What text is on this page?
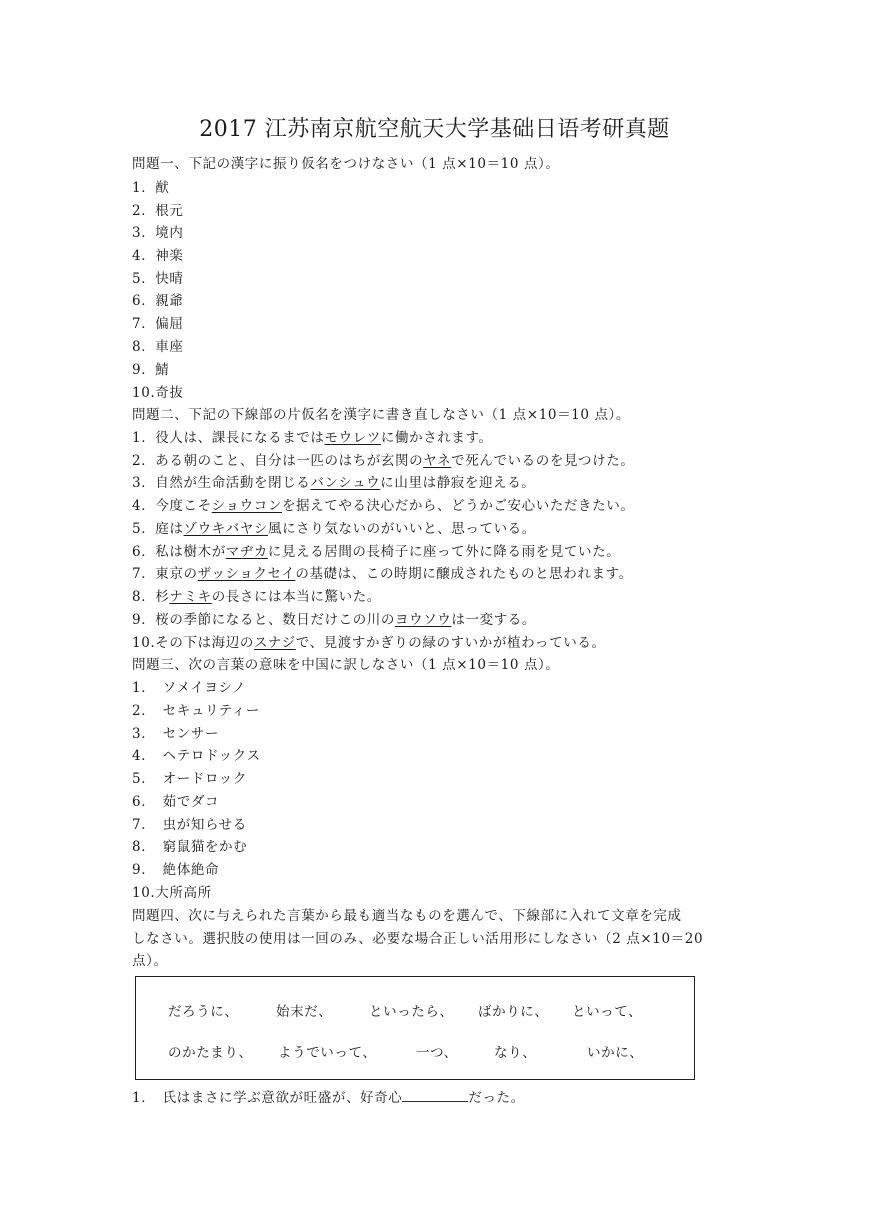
2017 江苏南京航空航天大学基础日语考研真题
問題一、下記の漢字に振り仮名をつけなさい（1 点×10＝10 点）。
1．猷
2．根元
3．境内
4．神楽
5．快晴
6．親爺
7．偏屈
8．車座
9．鯖
10.奇抜
問題二、下記の下線部の片仮名を漢字に書き直しなさい（1 点×10＝10 点）。
1．役人は、課長になるまではモウレツに働かされます。
2．ある朝のこと、自分は一匹のはちが玄関のヤネで死んでいるのを見つけた。
3．自然が生命活動を閉じるバンシュウに山里は静寂を迎える。
4．今度こそショウコンを据えてやる決心だから、どうかご安心いただきたい。
5．庭はゾウキバヤシ風にさり気ないのがいいと、思っている。
6．私は樹木がマヂカに見える居間の長椅子に座って外に降る雨を見ていた。
7．東京のザッショクセイの基礎は、この時期に醸成されたものと思われます。
8．杉ナミキの長さには本当に驚いた。
9．桜の季節になると、数日だけこの川のヨウソウは一変する。
10.その下は海辺のスナジで、見渡すかぎりの緑のすいかが植わっている。
問題三、次の言葉の意味を中国に訳しなさい（1 点×10＝10 点）。
1．　ソメイヨシノ
2．　セキュリティー
3．　センサー
4．　ヘテロドックス
5．　オードロック
6．　茹でダコ
7．　虫が知らせる
8．　窮鼠猫をかむ
9．　絶体絶命
10.大所高所
問題四、次に与えられた言葉から最も適当なものを選んで、下線部に入れて文章を完成
しなさい。選択肢の使用は一回のみ、必要な場合正しい活用形にしなさい（2 点×10＝20
点）。
だろうに、	始末だ、	といったら、 ばかりに、 といって、
のかたまり、 ようでいって、	一つ、	なり、	いかに、
1．　氏はまさに学ぶ意欲が旺盛が、好奇心	だった。
